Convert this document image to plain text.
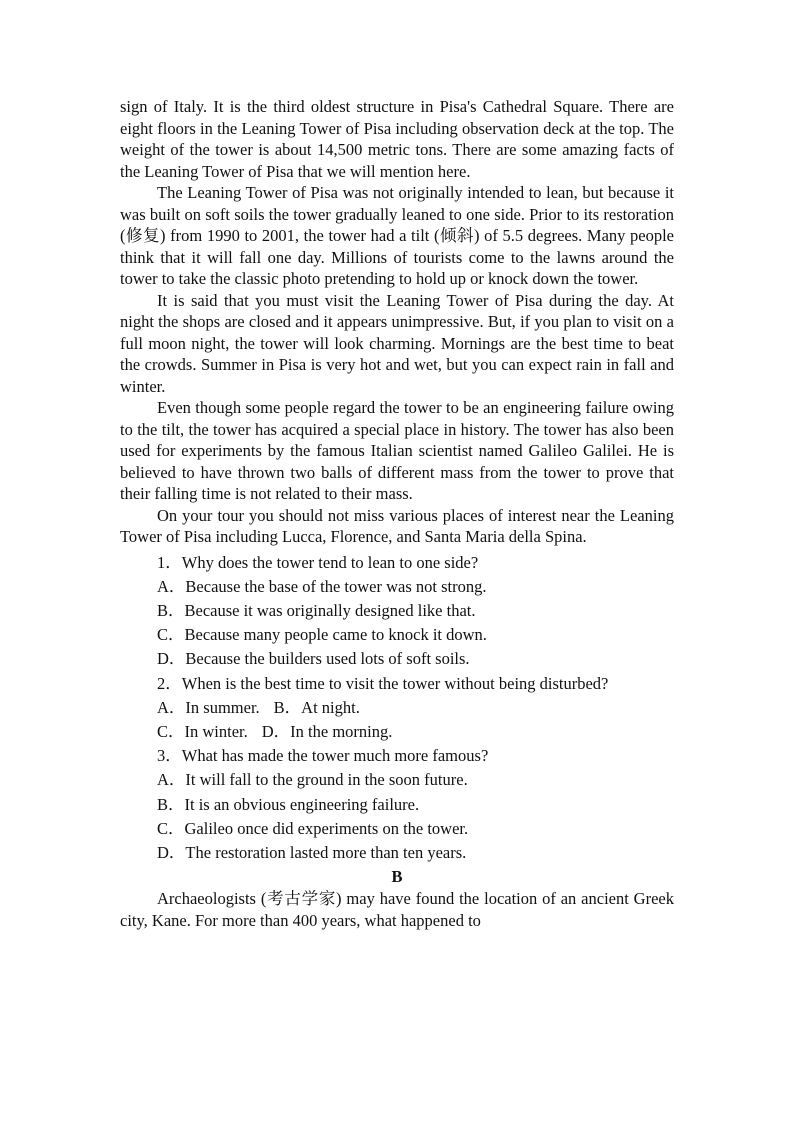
sign of Italy. It is the third oldest structure in Pisa's Cathedral Square. There are eight floors in the Leaning Tower of Pisa including observation deck at the top. The weight of the tower is about 14,500 metric tons. There are some amazing facts of the Leaning Tower of Pisa that we will mention here.

The Leaning Tower of Pisa was not originally intended to lean, but because it was built on soft soils the tower gradually leaned to one side. Prior to its restoration (修复) from 1990 to 2001, the tower had a tilt (倾斜) of 5.5 degrees. Many people think that it will fall one day. Millions of tourists come to the lawns around the tower to take the classic photo pretending to hold up or knock down the tower.

It is said that you must visit the Leaning Tower of Pisa during the day. At night the shops are closed and it appears unimpressive. But, if you plan to visit on a full moon night, the tower will look charming. Mornings are the best time to beat the crowds. Summer in Pisa is very hot and wet, but you can expect rain in fall and winter.

Even though some people regard the tower to be an engineering failure owing to the tilt, the tower has acquired a special place in history. The tower has also been used for experiments by the famous Italian scientist named Galileo Galilei. He is believed to have thrown two balls of different mass from the tower to prove that their falling time is not related to their mass.

On your tour you should not miss various places of interest near the Leaning Tower of Pisa including Lucca, Florence, and Santa Maria della Spina.

1．Why does the tower tend to lean to one side?

A．Because the base of the tower was not strong.

B．Because it was originally designed like that.

C．Because many people came to knock it down.

D．Because the builders used lots of soft soils.

2．When is the best time to visit the tower without being disturbed?

A．In summer. B．At night.

C．In winter. D．In the morning.

3．What has made the tower much more famous?

A．It will fall to the ground in the soon future.

B．It is an obvious engineering failure.

C．Galileo once did experiments on the tower.

D．The restoration lasted more than ten years.

B

Archaeologists (考古学家) may have found the location of an ancient Greek city, Kane. For more than 400 years, what happened to
